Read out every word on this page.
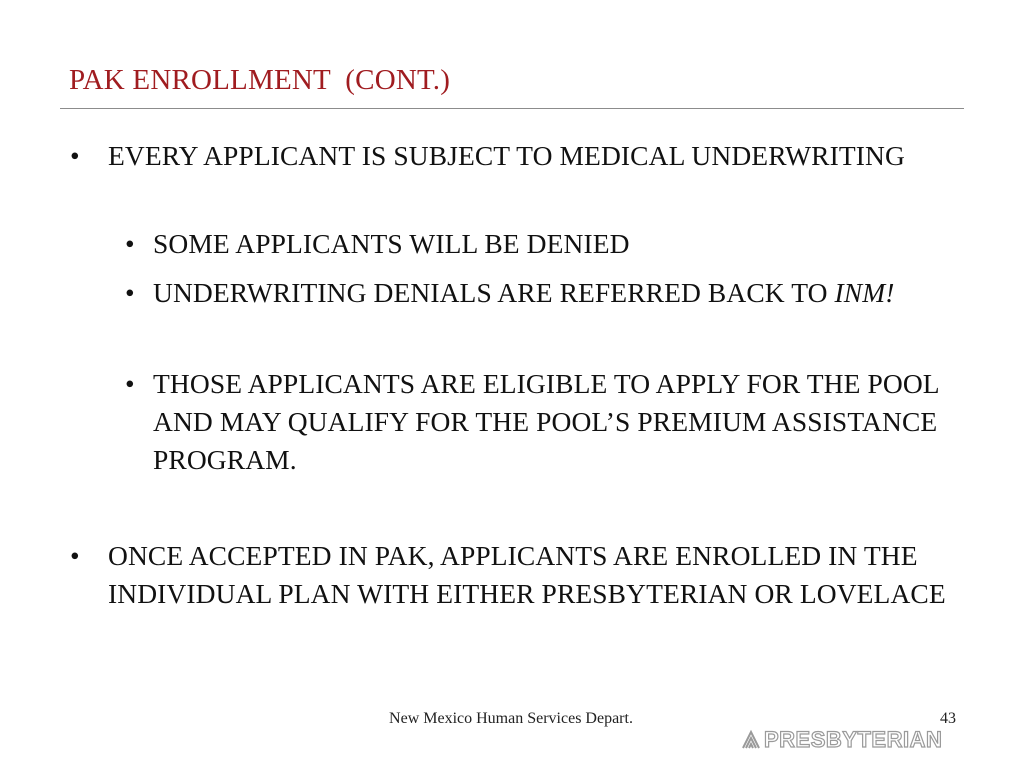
PAK ENROLLMENT  (CONT.)
• EVERY APPLICANT IS SUBJECT TO MEDICAL UNDERWRITING
• SOME APPLICANTS WILL BE DENIED
• UNDERWRITING DENIALS ARE REFERRED BACK TO INM!
• THOSE APPLICANTS ARE ELIGIBLE TO APPLY FOR THE POOL AND MAY QUALIFY FOR THE POOL’S PREMIUM ASSISTANCE PROGRAM.
• ONCE ACCEPTED IN PAK, APPLICANTS ARE ENROLLED IN THE INDIVIDUAL PLAN WITH EITHER PRESBYTERIAN OR LOVELACE
New Mexico Human Services Depart.	43
PRESBYTERIAN
